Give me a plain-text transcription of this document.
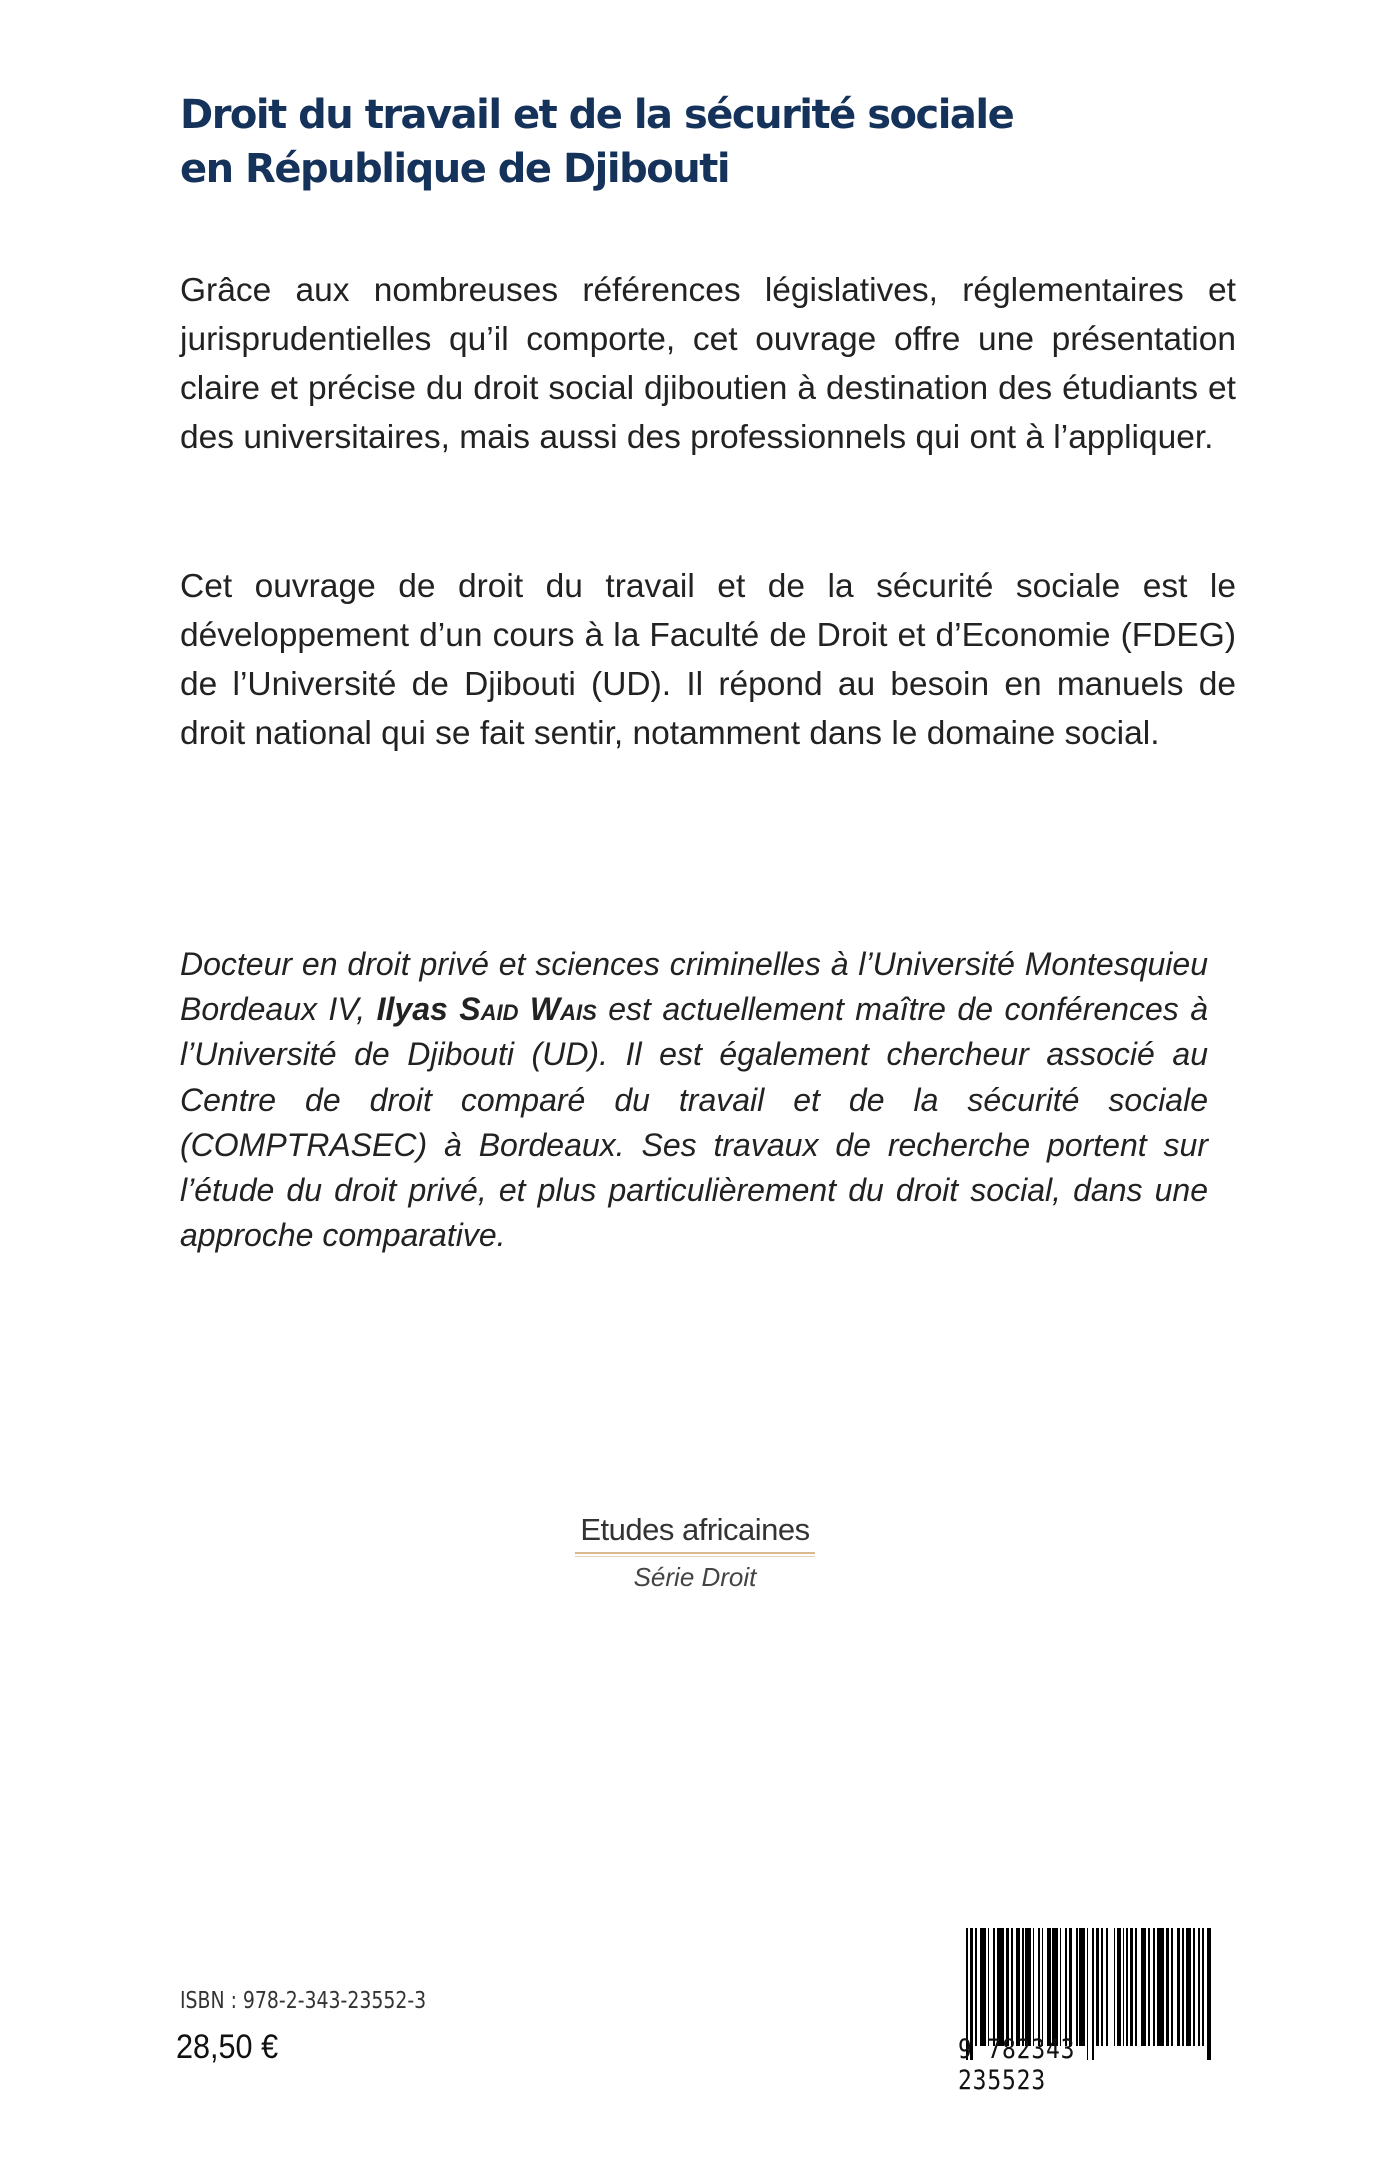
Droit du travail et de la sécurité sociale
en République de Djibouti
Grâce aux nombreuses références législatives, réglementaires et jurisprudentielles qu’il comporte, cet ouvrage offre une présentation claire et précise du droit social djiboutien à destination des étudiants et des universitaires, mais aussi des professionnels qui ont à l’appliquer.
Cet ouvrage de droit du travail et de la sécurité sociale est le développement d’un cours à la Faculté de Droit et d’Economie (FDEG) de l’Université de Djibouti (UD). Il répond au besoin en manuels de droit national qui se fait sentir, notamment dans le domaine social.
Docteur en droit privé et sciences criminelles à l’Université Montesquieu Bordeaux IV, Ilyas Said Wais est actuellement maître de conférences à l’Université de Djibouti (UD). Il est également chercheur associé au Centre de droit comparé du travail et de la sécurité sociale (COMPTRASEC) à Bordeaux. Ses travaux de recherche portent sur l’étude du droit privé, et plus particulièrement du droit social, dans une approche comparative.
Etudes africaines
Série Droit
ISBN : 978-2-343-23552-3
28,50 €	9 782343 235523
